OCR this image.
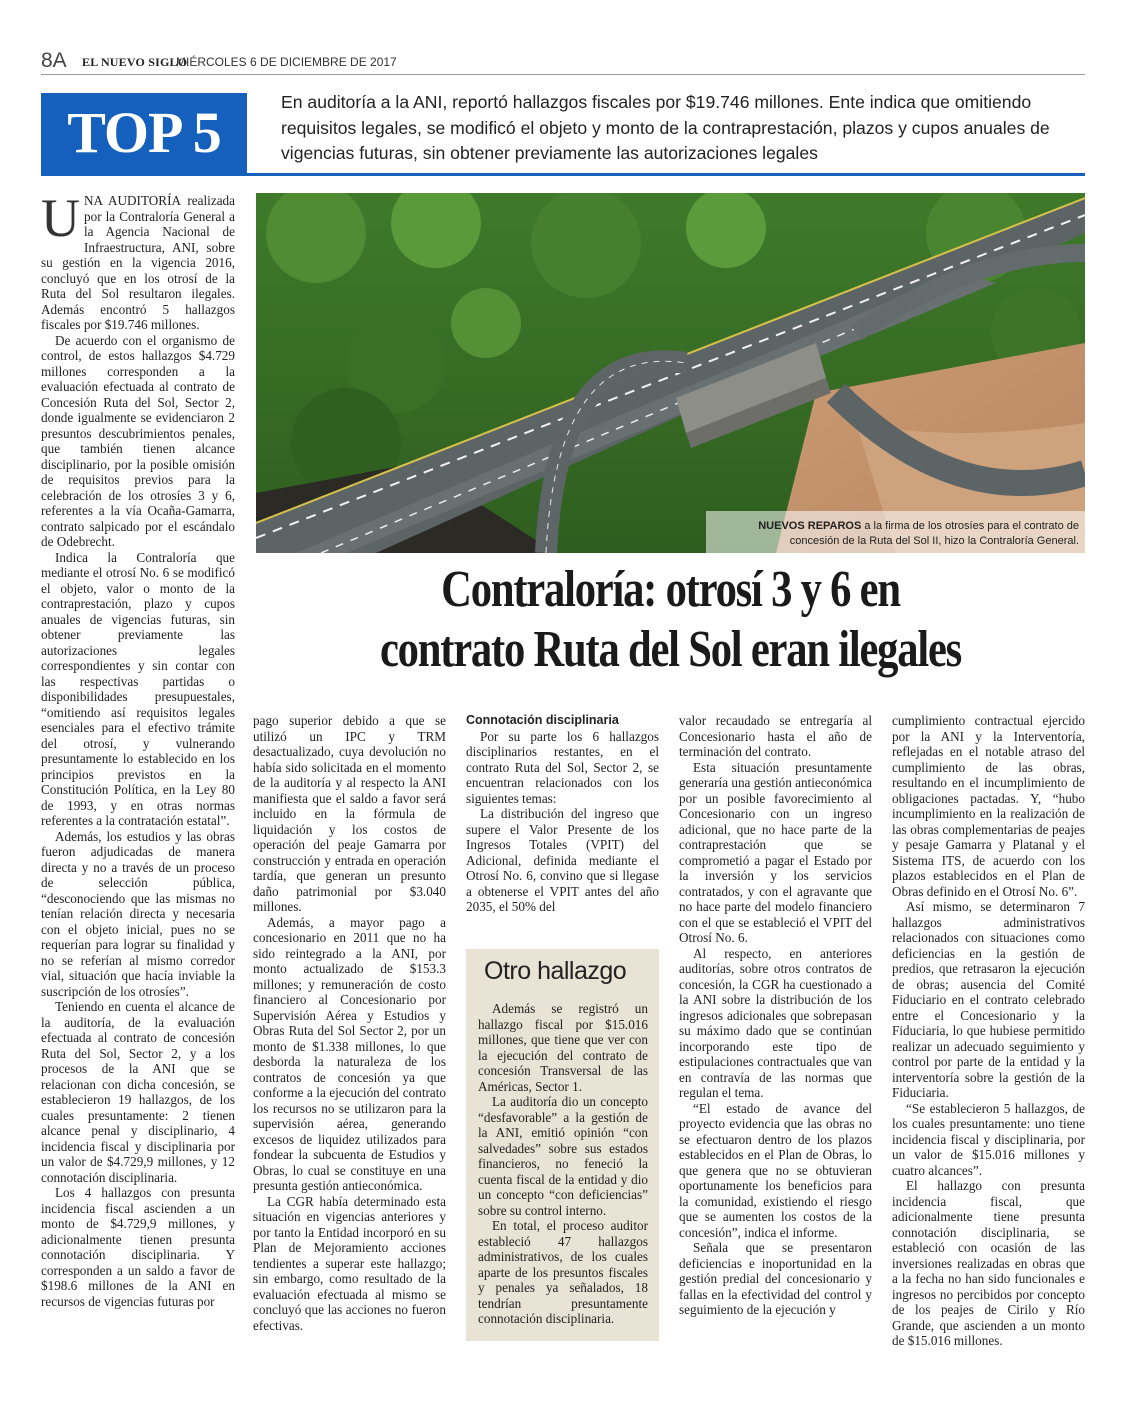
8A EL NUEVO SIGLO
MIÉRCOLES 6 DE DICIEMBRE DE 2017
TOP 5	En auditoría a la ANI, reportó hallazgos fiscales por $19.746 millones. Ente indica que omitiendo requisitos legales, se modificó el objeto y monto de la contraprestación, plazos y cupos anuales de vigencias futuras, sin obtener previamente las autorizaciones legales
NUEVOS REPAROS a la firma de los otrosíes para el contrato de concesión de la Ruta del Sol II, hizo la Contraloría General.
Contraloría: otrosí 3 y 6 en
contrato Ruta del Sol eran ilegales

UNA AUDITORÍA realizada por la Contraloría General a la Agencia Nacional de Infraestructura, ANI, sobre su gestión en la vigencia 2016, concluyó que en los otrosí de la Ruta del Sol resultaron ilegales. Además encontró 5 hallazgos fiscales por $19.746 millones.

De acuerdo con el organismo de control, de estos hallazgos $4.729 millones corresponden a la evaluación efectuada al contrato de Concesión Ruta del Sol, Sector 2, donde igualmente se evidenciaron 2 presuntos descubrimientos penales, que también tienen alcance disciplinario, por la posible omisión de requisitos previos para la celebración de los otrosíes 3 y 6, referentes a la vía Ocaña-Gamarra, contrato salpicado por el escándalo de Odebrecht.

Indica la Contraloría que mediante el otrosí No. 6 se modificó el objeto, valor o monto de la contraprestación, plazo y cupos anuales de vigencias futuras, sin obtener previamente las autorizaciones legales correspondientes y sin contar con las respectivas partidas o disponibilidades presupuestales, “omitiendo así requisitos legales esenciales para el efectivo trámite del otrosí, y vulnerando presuntamente lo establecido en los principios previstos en la Constitución Política, en la Ley 80 de 1993, y en otras normas referentes a la contratación estatal”.

Además, los estudios y las obras fueron adjudicadas de manera directa y no a través de un proceso de selección pública, “desconociendo que las mismas no tenían relación directa y necesaria con el objeto inicial, pues no se requerían para lograr su finalidad y no se referían al mismo corredor vial, situación que hacía inviable la suscripción de los otrosíes”.

Teniendo en cuenta el alcance de la auditoría, de la evaluación efectuada al contrato de concesión Ruta del Sol, Sector 2, y a los procesos de la ANI que se relacionan con dicha concesión, se establecieron 19 hallazgos, de los cuales presuntamente: 2 tienen alcance penal y disciplinario, 4 incidencia fiscal y disciplinaria por un valor de $4.729,9 millones, y 12 connotación disciplinaria.

Los 4 hallazgos con presunta incidencia fiscal ascienden a un monto de $4.729,9 millones, y adicionalmente tienen presunta connotación disciplinaria. Y corresponden a un saldo a favor de $198.6 millones de la ANI en recursos de vigencias futuras por

pago superior debido a que se utilizó un IPC y TRM desactualizado, cuya devolución no había sido solicitada en el momento de la auditoría y al respecto la ANI manifiesta que el saldo a favor será incluido en la fórmula de liquidación y los costos de operación del peaje Gamarra por construcción y entrada en operación tardía, que generan un presunto daño patrimonial por $3.040 millones.

Además, a mayor pago a concesionario en 2011 que no ha sido reintegrado a la ANI, por monto actualizado de $153.3 millones; y remuneración de costo financiero al Concesionario por Supervisión Aérea y Estudios y Obras Ruta del Sol Sector 2, por un monto de $1.338 millones, lo que desborda la naturaleza de los contratos de concesión ya que conforme a la ejecución del contrato los recursos no se utilizaron para la supervisión aérea, generando excesos de liquidez utilizados para fondear la subcuenta de Estudios y Obras, lo cual se constituye en una presunta gestión antieconómica.

La CGR había determinado esta situación en vigencias anteriores y por tanto la Entidad incorporó en su Plan de Mejoramiento acciones tendientes a superar este hallazgo; sin embargo, como resultado de la evaluación efectuada al mismo se concluyó que las acciones no fueron efectivas.

Connotación disciplinaria

Por su parte los 6 hallazgos disciplinarios restantes, en el contrato Ruta del Sol, Sector 2, se encuentran relacionados con los siguientes temas:

La distribución del ingreso que supere el Valor Presente de los Ingresos Totales (VPIT) del Adicional, definida mediante el Otrosí No. 6, convino que si llegase a obtenerse el VPIT antes del año 2035, el 50% del

Otro hallazgo

Además se registró un hallazgo fiscal por $15.016 millones, que tiene que ver con la ejecución del contrato de concesión Transversal de las Américas, Sector 1.

La auditoría dio un concepto “desfavorable” a la gestión de la ANI, emitió opinión “con salvedades” sobre sus estados financieros, no feneció la cuenta fiscal de la entidad y dio un concepto “con deficiencias” sobre su control interno.

En total, el proceso auditor estableció 47 hallazgos administrativos, de los cuales aparte de los presuntos fiscales y penales ya señalados, 18 tendrían presuntamente connotación disciplinaria.

valor recaudado se entregaría al Concesionario hasta el año de terminación del contrato.

Esta situación presuntamente generaría una gestión antieconómica por un posible favorecimiento al Concesionario con un ingreso adicional, que no hace parte de la contraprestación que se comprometió a pagar el Estado por la inversión y los servicios contratados, y con el agravante que no hace parte del modelo financiero con el que se estableció el VPIT del Otrosí No. 6.

Al respecto, en anteriores auditorías, sobre otros contratos de concesión, la CGR ha cuestionado a la ANI sobre la distribución de los ingresos adicionales que sobrepasan su máximo dado que se continúan incorporando este tipo de estipulaciones contractuales que van en contravía de las normas que regulan el tema.

“El estado de avance del proyecto evidencia que las obras no se efectuaron dentro de los plazos establecidos en el Plan de Obras, lo que genera que no se obtuvieran oportunamente los beneficios para la comunidad, existiendo el riesgo que se aumenten los costos de la concesión”, indica el informe.

Señala que se presentaron deficiencias e inoportunidad en la gestión predial del concesionario y fallas en la efectividad del control y seguimiento de la ejecución y

cumplimiento contractual ejercido por la ANI y la Interventoría, reflejadas en el notable atraso del cumplimiento de las obras, resultando en el incumplimiento de obligaciones pactadas. Y, “hubo incumplimiento en la realización de las obras complementarias de peajes y pesaje Gamarra y Platanal y el Sistema ITS, de acuerdo con los plazos establecidos en el Plan de Obras definido en el Otrosí No. 6”.

Así mismo, se determinaron 7 hallazgos administrativos relacionados con situaciones como deficiencias en la gestión de predios, que retrasaron la ejecución de obras; ausencia del Comité Fiduciario en el contrato celebrado entre el Concesionario y la Fiduciaria, lo que hubiese permitido realizar un adecuado seguimiento y control por parte de la entidad y la interventoría sobre la gestión de la Fiduciaria.

“Se establecieron 5 hallazgos, de los cuales presuntamente: uno tiene incidencia fiscal y disciplinaria, por un valor de $15.016 millones y cuatro alcances”.

El hallazgo con presunta incidencia fiscal, que adicionalmente tiene presunta connotación disciplinaria, se estableció con ocasión de las inversiones realizadas en obras que a la fecha no han sido funcionales e ingresos no percibidos por concepto de los peajes de Cirilo y Río Grande, que ascienden a un monto de $15.016 millones.
